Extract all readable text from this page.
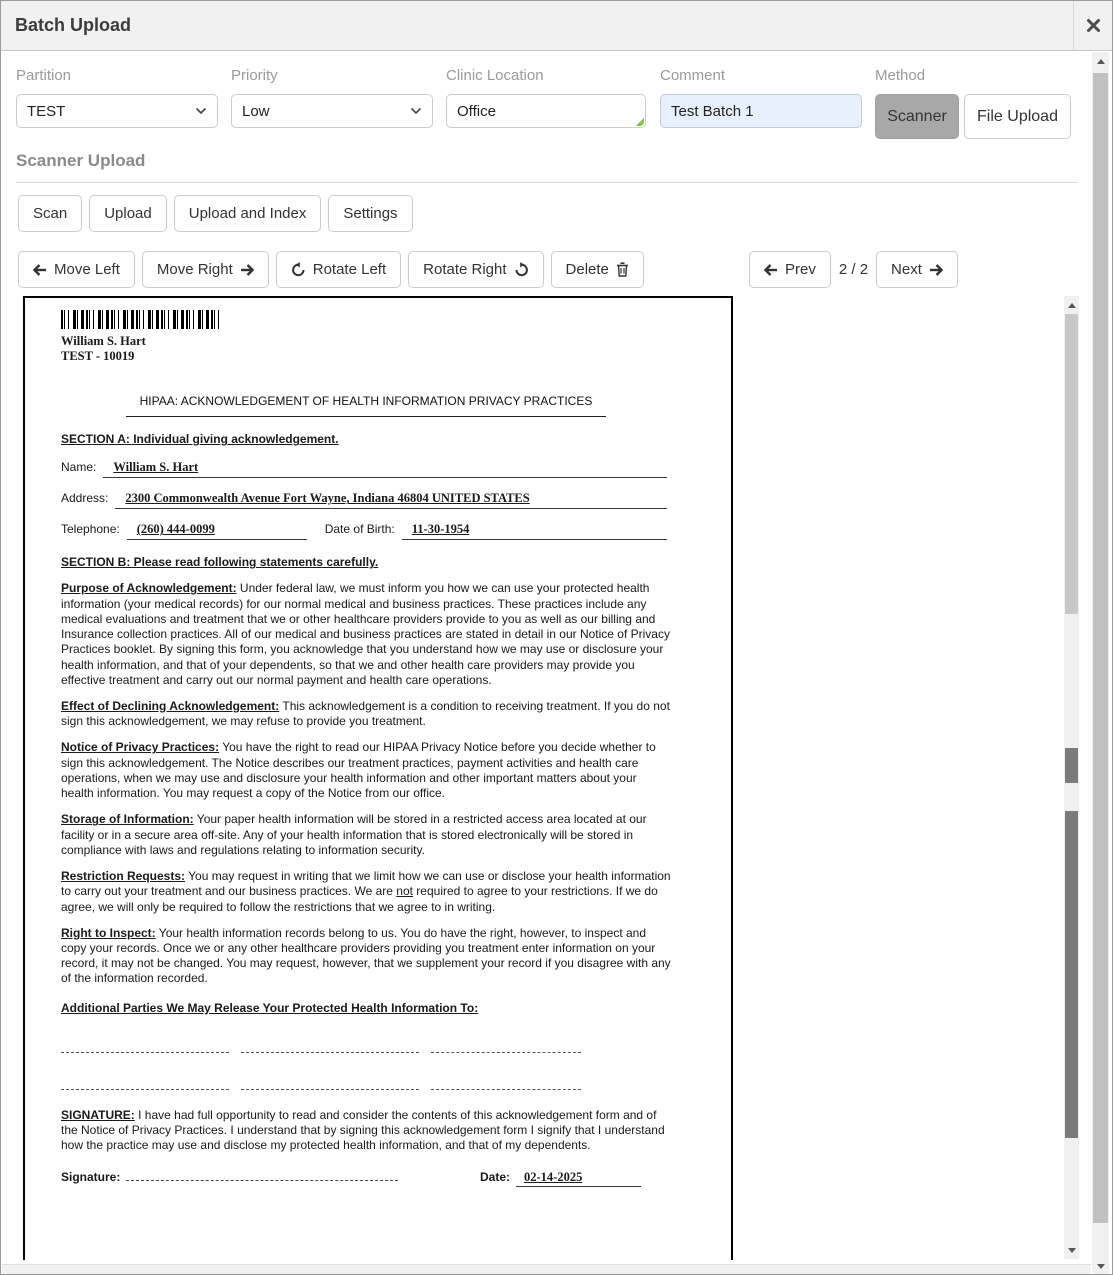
Batch Upload
Partition	Priority	Clinic Location	Comment	Method
TEST	Low	Office	Test Batch 1	Scanner	File Upload
Scanner Upload
Scan	Upload	Upload and Index	Settings
Move Left Move Right	Rotate Left Rotate Right	Delete	Prev 2 / 2 Next
William S. Hart
TEST - 10019
HIPAA: ACKNOWLEDGEMENT OF HEALTH INFORMATION PRIVACY PRACTICES
SECTION A: Individual giving acknowledgement.
Name:	William S. Hart
Address:	2300 Commonwealth Avenue Fort Wayne, Indiana 46804 UNITED STATES
Telephone:	(260) 444-0099	Date of Birth:	11-30-1954
SECTION B: Please read following statements carefully.

Purpose of Acknowledgement: Under federal law, we must inform you how we can use your protected health information (your medical records) for our normal medical and business practices. These practices include any medical evaluations and treatment that we or other healthcare providers provide to you as well as our billing and Insurance collection practices. All of our medical and business practices are stated in detail in our Notice of Privacy Practices booklet. By signing this form, you acknowledge that you understand how we may use or disclosure your health information, and that of your dependents, so that we and other health care providers may provide you effective treatment and carry out our normal payment and health care operations.

Effect of Declining Acknowledgement: This acknowledgement is a condition to receiving treatment. If you do not sign this acknowledgement, we may refuse to provide you treatment.

Notice of Privacy Practices: You have the right to read our HIPAA Privacy Notice before you decide whether to sign this acknowledgement. The Notice describes our treatment practices, payment activities and health care operations, when we may use and disclosure your health information and other important matters about your health information. You may request a copy of the Notice from our office.

Storage of Information: Your paper health information will be stored in a restricted access area located at our facility or in a secure area off-site. Any of your health information that is stored electronically will be stored in compliance with laws and regulations relating to information security.

Restriction Requests: You may request in writing that we limit how we can use or disclose your health information to carry out your treatment and our business practices. We are not required to agree to your restrictions. If we do agree, we will only be required to follow the restrictions that we agree to in writing.

Right to Inspect: Your health information records belong to us. You do have the right, however, to inspect and copy your records. Once we or any other healthcare providers providing you treatment enter information on your record, it may not be changed. You may request, however, that we supplement your record if you disagree with any of the information recorded.

Additional Parties We May Release Your Protected Health Information To:

SIGNATURE: I have had full opportunity to read and consider the contents of this acknowledgement form and of the Notice of Privacy Practices. I understand that by signing this acknowledgement form I signify that I understand how the practice may use and disclose my protected health information, and that of my dependents.

Signature:	Date:	02-14-2025
